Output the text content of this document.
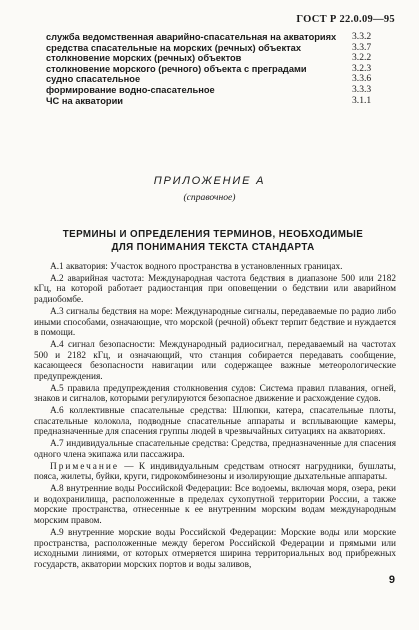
ГОСТ Р 22.0.09—95
служба ведомственная аварийно-спасательная на акваториях 3.3.2
средства спасательные на морских (речных) объектах	3.3.7
столкновение морских (речных) объектов	3.2.2
столкновение морского (речного) объекта с преградами	3.2.3
судно спасательное	3.3.6
формирование водно-спасательное	3.3.3
ЧС на акватории	3.1.1
ПРИЛОЖЕНИЕ А
(справочное)
ТЕРМИНЫ И ОПРЕДЕЛЕНИЯ ТЕРМИНОВ, НЕОБХОДИМЫЕ
ДЛЯ ПОНИМАНИЯ ТЕКСТА СТАНДАРТА

А.1 акватория: Участок водного пространства в установленных границах.

А.2 аварийная частота: Международная частота бедствия в диапазоне 500 или 2182 кГц, на которой работает радиостанция при оповещении о бедствии или аварийном радиобомбе.

А.3 сигналы бедствия на море: Международные сигналы, передаваемые по радио либо иными способами, означающие, что морской (речной) объект терпит бедствие и нуждается в помощи.

А.4 сигнал безопасности: Международный радиосигнал, передаваемый на частотах 500 и 2182 кГц, и означающий, что станция собирается передавать сообщение, касающееся безопасности навигации или содержащее важные метеорологические предупреждения.

А.5 правила предупреждения столкновения судов: Система правил плавания, огней, знаков и сигналов, которыми регулируются безопасное движение и расхождение судов.

А.6 коллективные спасательные средства: Шлюпки, катера, спасательные плоты, спасательные колокола, подводные спасательные аппараты и всплывающие камеры, предназначенные для спасения группы людей в чрезвычайных ситуациях на акваториях.

А.7 индивидуальные спасательные средства: Средства, предназначенные для спасения одного члена экипажа или пассажира.

Примечание — К индивидуальным средствам относят нагрудники, бушлаты, пояса, жилеты, буйки, круги, гидрокомбинезоны и изолирующие дыхательные аппараты.

А.8 внутренние воды Российской Федерации: Все водоемы, включая моря, озера, реки и водохранилища, расположенные в пределах сухопутной территории России, а также морские пространства, отнесенные к ее внутренним морским водам международным морским правом.

А.9 внутренние морские воды Российской Федерации: Морские воды или морские пространства, расположенные между берегом Российской Федерации и прямыми или исходными линиями, от которых отмеряется ширина территориальных вод прибрежных государств, акватории морских портов и воды заливов,

9
